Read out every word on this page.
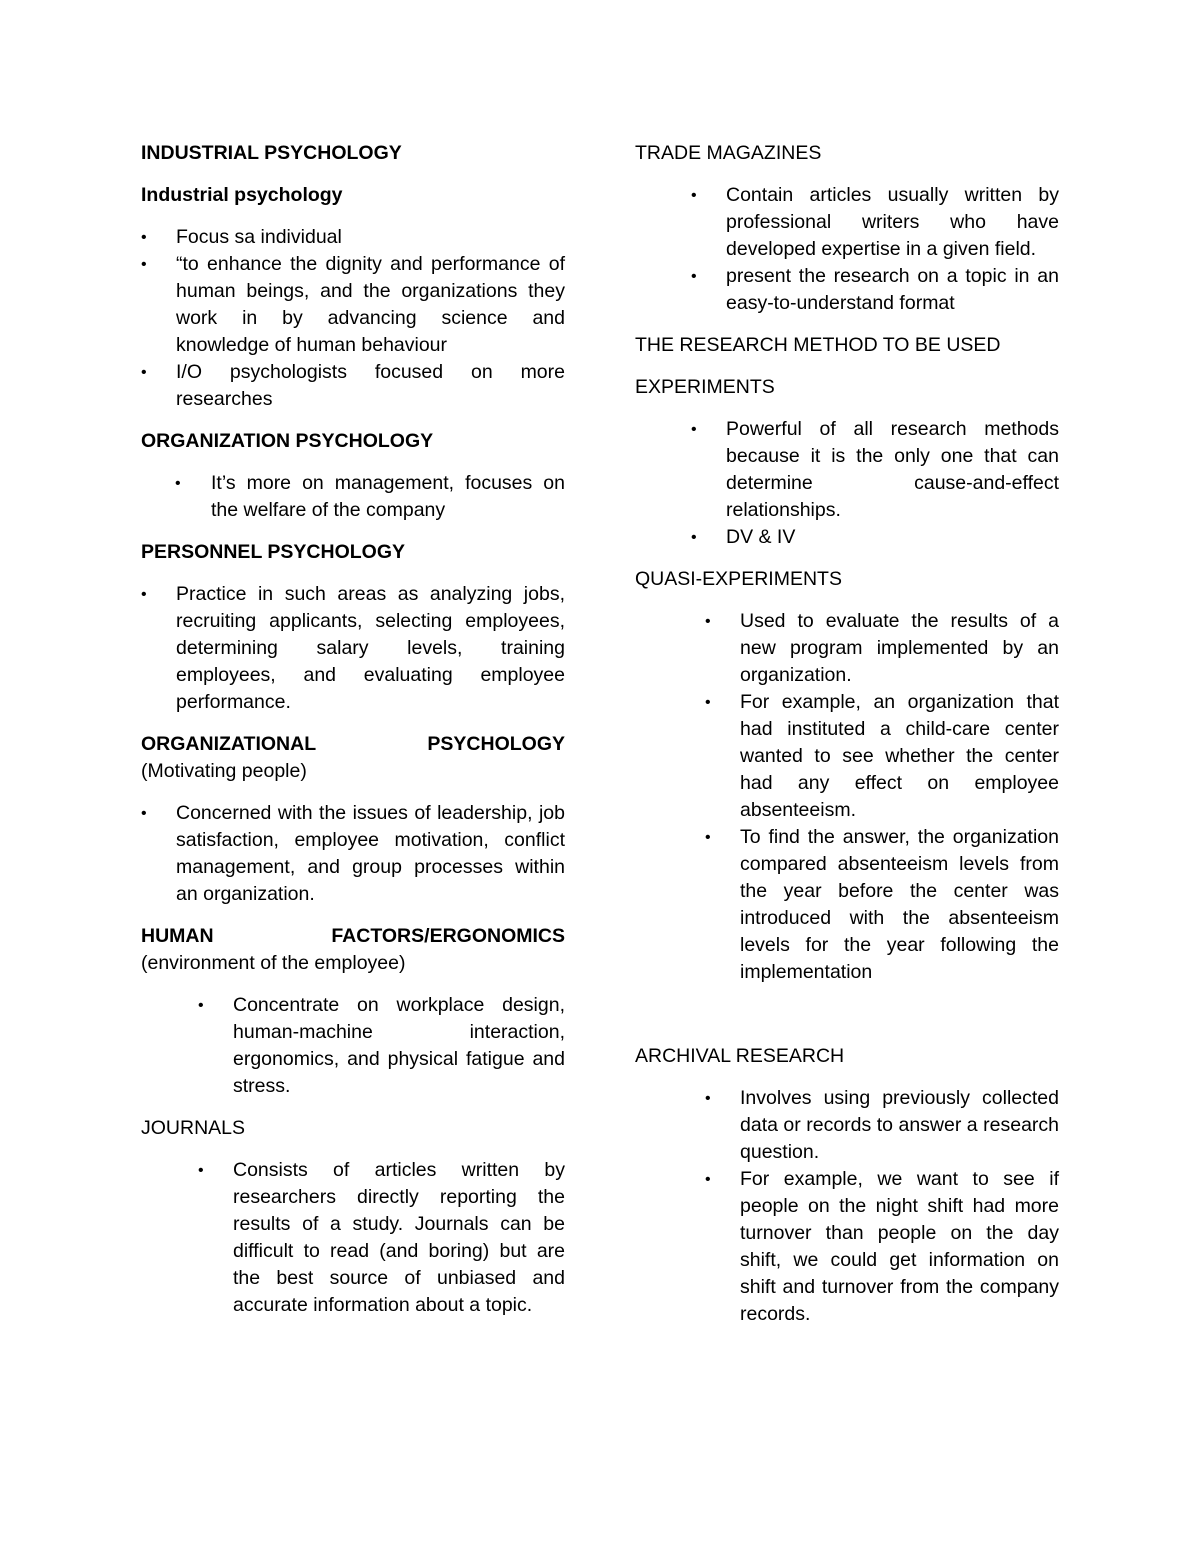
INDUSTRIAL PSYCHOLOGY

Industrial psychology

• Focus sa individual
• “to enhance the dignity and performance of human beings, and the organizations they work in by advancing science and knowledge of human behaviour
• I/O psychologists focused on more researches

ORGANIZATION PSYCHOLOGY

• It’s more on management, focuses on the welfare of the company

PERSONNEL PSYCHOLOGY

• Practice in such areas as analyzing jobs, recruiting applicants, selecting employees, determining salary levels, training employees, and evaluating employee performance.

ORGANIZATIONAL PSYCHOLOGY
(Motivating people)

• Concerned with the issues of leadership, job satisfaction, employee motivation, conflict management, and group processes within an organization.

HUMAN FACTORS/ERGONOMICS
(environment of the employee)

• Concentrate on workplace design, human-machine interaction, ergonomics, and physical fatigue and stress.

JOURNALS

• Consists of articles written by researchers directly reporting the results of a study. Journals can be difficult to read (and boring) but are the best source of unbiased and accurate information about a topic.

TRADE MAGAZINES

• Contain articles usually written by professional writers who have developed expertise in a given field.
• present the research on a topic in an easy-to-understand format

THE RESEARCH METHOD TO BE USED

EXPERIMENTS

• Powerful of all research methods because it is the only one that can determine cause-and-effect relationships.
• DV & IV

QUASI-EXPERIMENTS

• Used to evaluate the results of a new program implemented by an organization.
• For example, an organization that had instituted a child-care center wanted to see whether the center had any effect on employee absenteeism.
• To find the answer, the organization compared absenteeism levels from the year before the center was introduced with the absenteeism levels for the year following the implementation

ARCHIVAL RESEARCH

• Involves using previously collected data or records to answer a research question.
• For example, we want to see if people on the night shift had more turnover than people on the day shift, we could get information on shift and turnover from the company records.
